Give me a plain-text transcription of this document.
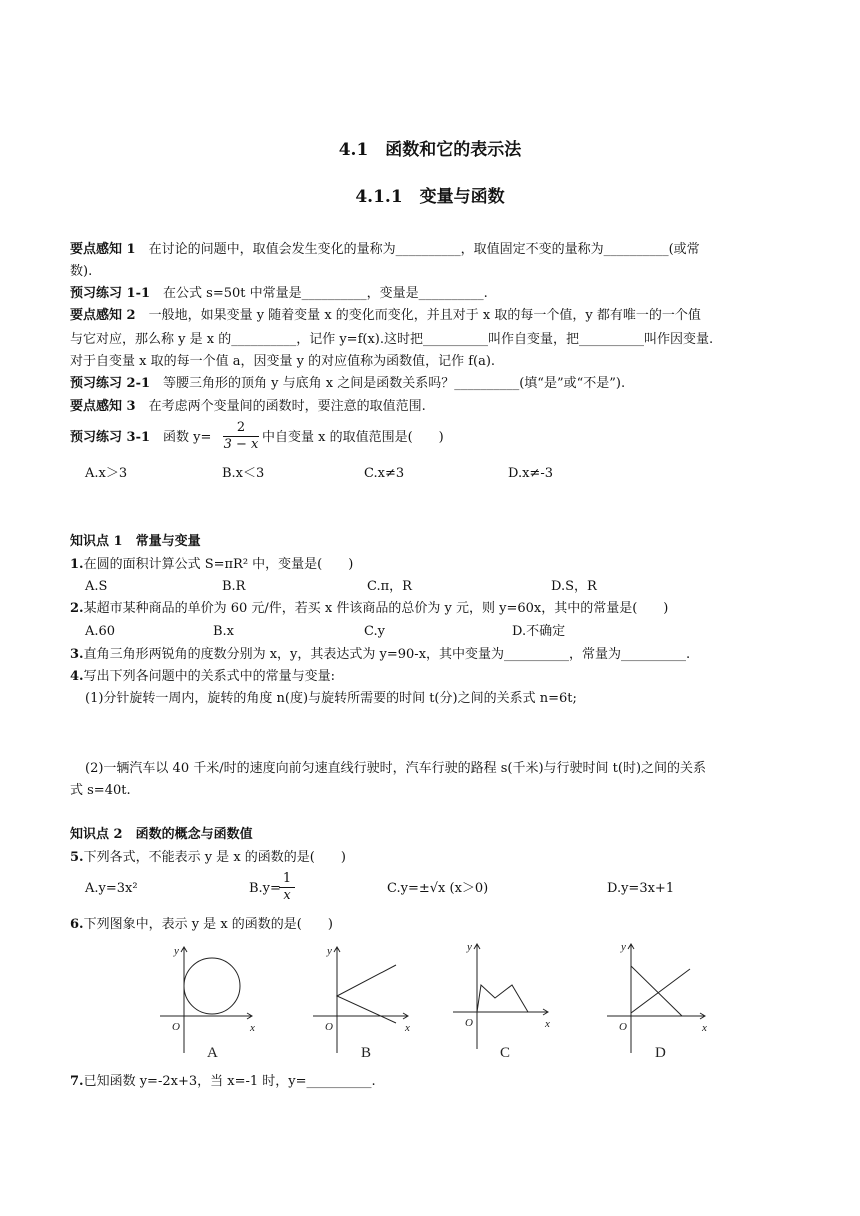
4.1　函数和它的表示法
4.1.1　变量与函数
要点感知 1　在讨论的问题中，取值会发生变化的量称为__________，取值固定不变的量称为__________(或常
数).
预习练习 1-1　在公式 s=50t 中常量是__________，变量是__________.
要点感知 2　一般地，如果变量 y 随着变量 x 的变化而变化，并且对于 x 取的每一个值，y 都有唯一的一个值
与它对应，那么称 y 是 x 的__________，记作 y=f(x).这时把__________叫作自变量，把__________叫作因变量.
对于自变量 x 取的每一个值 a，因变量 y 的对应值称为函数值，记作 f(a).
预习练习 2-1　等腰三角形的顶角 y 与底角 x 之间是函数关系吗？__________(填“是”或“不是”).
要点感知 3　在考虑两个变量间的函数时，要注意的取值范围.
预习练习 3-1　函数 $y= \frac{2}{3 - x}$ 中自变量 x 的取值范围是(　　)
A.x＞3	B.x＜3	C.x≠3	D.x≠-3
知识点 1　常量与变量
1.在圆的面积计算公式 S=πR² 中，变量是(　　)
A.S	B.R	C.π，R	D.S，R
2.某超市某种商品的单价为 60 元/件，若买 x 件该商品的总价为 y 元，则 y=60x，其中的常量是(　　)
A.60	B.x	C.y	D.不确定
3.直角三角形两锐角的度数分别为 x，y，其表达式为 y=90-x，其中变量为__________，常量为__________.
4.写出下列各问题中的关系式中的常量与变量:
(1)分针旋转一周内，旋转的角度 n(度)与旋转所需要的时间 t(分)之间的关系式 n=6t;
(2)一辆汽车以 40 千米/时的速度向前匀速直线行驶时，汽车行驶的路程 s(千米)与行驶时间 t(时)之间的关系
式 s=40t.
知识点 2　函数的概念与函数值
5.下列各式，不能表示 y 是 x 的函数的是(　　)
A.y=3x²	B.y=
$\frac{1}{x}$	C.y=±√x (x＞0)	D.y=3x+1
6.下列图象中，表示 y 是 x 的函数的是(　　)
y
x
O
y
x
O
y
x
O
y
x
O
A	B	C	D
7.已知函数 y=-2x+3，当 x=-1 时，y=__________.
